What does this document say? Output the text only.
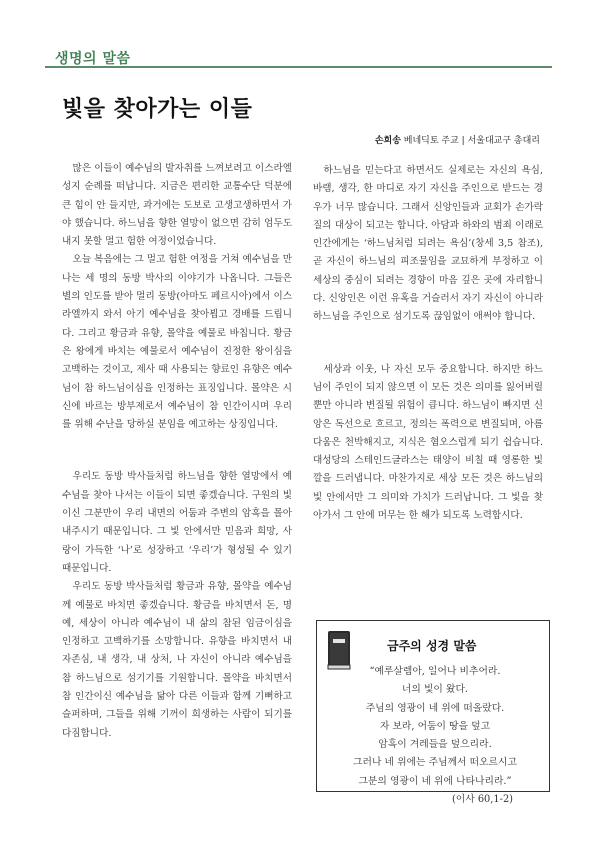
생명의 말씀
빛을 찾아가는 이들
손희송 베네딕토 주교 | 서울대교구 총대리

많은 이들이 예수님의 발자취를 느껴보려고 이스라엘성지 순례를 떠납니다. 지금은 편리한 교통수단 덕분에 큰 힘이 안 들지만, 과거에는 도보로 고생고생하면서 가야 했습니다. 하느님을 향한 열망이 없으면 감히 엄두도 내지 못할 멀고 험한 여정이었습니다.

오늘 복음에는 그 멀고 험한 여정을 거쳐 예수님을 만나는 세 명의 동방 박사의 이야기가 나옵니다. 그들은 별의 인도를 받아 멀리 동방(아마도 페르시아)에서 이스라엘까지 와서 아기 예수님을 찾아뵙고 경배를 드립니다. 그리고 황금과 유향, 몰약을 예물로 바칩니다. 황금은 왕에게 바치는 예물로서 예수님이 진정한 왕이심을 고백하는 것이고, 제사 때 사용되는 향료인 유향은 예수님이 참 하느님이심을 인정하는 표징입니다. 몰약은 시신에 바르는 방부제로서 예수님이 참 인간이시며 우리를 위해 수난을 당하실 분임을 예고하는 상징입니다.

우리도 동방 박사들처럼 하느님을 향한 열망에서 예수님을 찾아 나서는 이들이 되면 좋겠습니다. 구원의 빛이신 그분만이 우리 내면의 어둠과 주변의 암흑을 몰아 내주시기 때문입니다. 그 빛 안에서만 믿음과 희망, 사랑이 가득한 ‘나’로 성장하고 ‘우리’가 형성될 수 있기 때문입니다.

우리도 동방 박사들처럼 황금과 유향, 몰약을 예수님께 예물로 바치면 좋겠습니다. 황금을 바치면서 돈, 명예, 세상이 아니라 예수님이 내 삶의 참된 임금이심을 인정하고 고백하기를 소망합니다. 유향을 바치면서 내 자존심, 내 생각, 내 상처, 나 자신이 아니라 예수님을 참 하느님으로 섬기기를 기원합니다. 몰약을 바치면서 참 인간이신 예수님을 닮아 다른 이들과 함께 기뻐하고 슬퍼하며, 그들을 위해 기꺼이 희생하는 사람이 되기를 다짐합니다.

하느님을 믿는다고 하면서도 실제로는 자신의 욕심, 바램, 생각, 한 마디로 자기 자신을 주인으로 받드는 경우가 너무 많습니다. 그래서 신앙인들과 교회가 손가락질의 대상이 되고는 합니다. 아담과 하와의 범죄 이래로 인간에게는 ‘하느님처럼 되려는 욕심’(창세 3,5 참조), 곧 자신이 하느님의 피조물임을 교묘하게 부정하고 이 세상의 중심이 되려는 경향이 마음 깊은 곳에 자리합니다. 신앙인은 이런 유혹을 거슬러서 자기 자신이 아니라 하느님을 주인으로 섬기도록 끊임없이 애써야 합니다.

세상과 이웃, 나 자신 모두 중요합니다. 하지만 하느님이 주인이 되지 않으면 이 모든 것은 의미를 잃어버릴 뿐만 아니라 변질될 위험이 큽니다. 하느님이 빠지면 신앙은 독선으로 흐르고, 정의는 폭력으로 변질되며, 아름다움은 천박해지고, 지식은 혐오스럽게 되기 쉽습니다. 대성당의 스테인드글라스는 태양이 비칠 때 영롱한 빛깔을 드러냅니다. 마찬가지로 세상 모든 것은 하느님의 빛 안에서만 그 의미와 가치가 드러납니다. 그 빛을 찾아가서 그 안에 머무는 한 해가 되도록 노력합시다.

금주의 성경 말씀
“예루살렘아, 일어나 비추어라.
너의 빛이 왔다.
주님의 영광이 네 위에 떠올랐다.
자 보라, 어둠이 땅을 덮고
암흑이 겨레들을 덮으리라.
그러나 네 위에는 주님께서 떠오르시고
그분의 영광이 네 위에 나타나리라.”
(이사 60,1-2)
